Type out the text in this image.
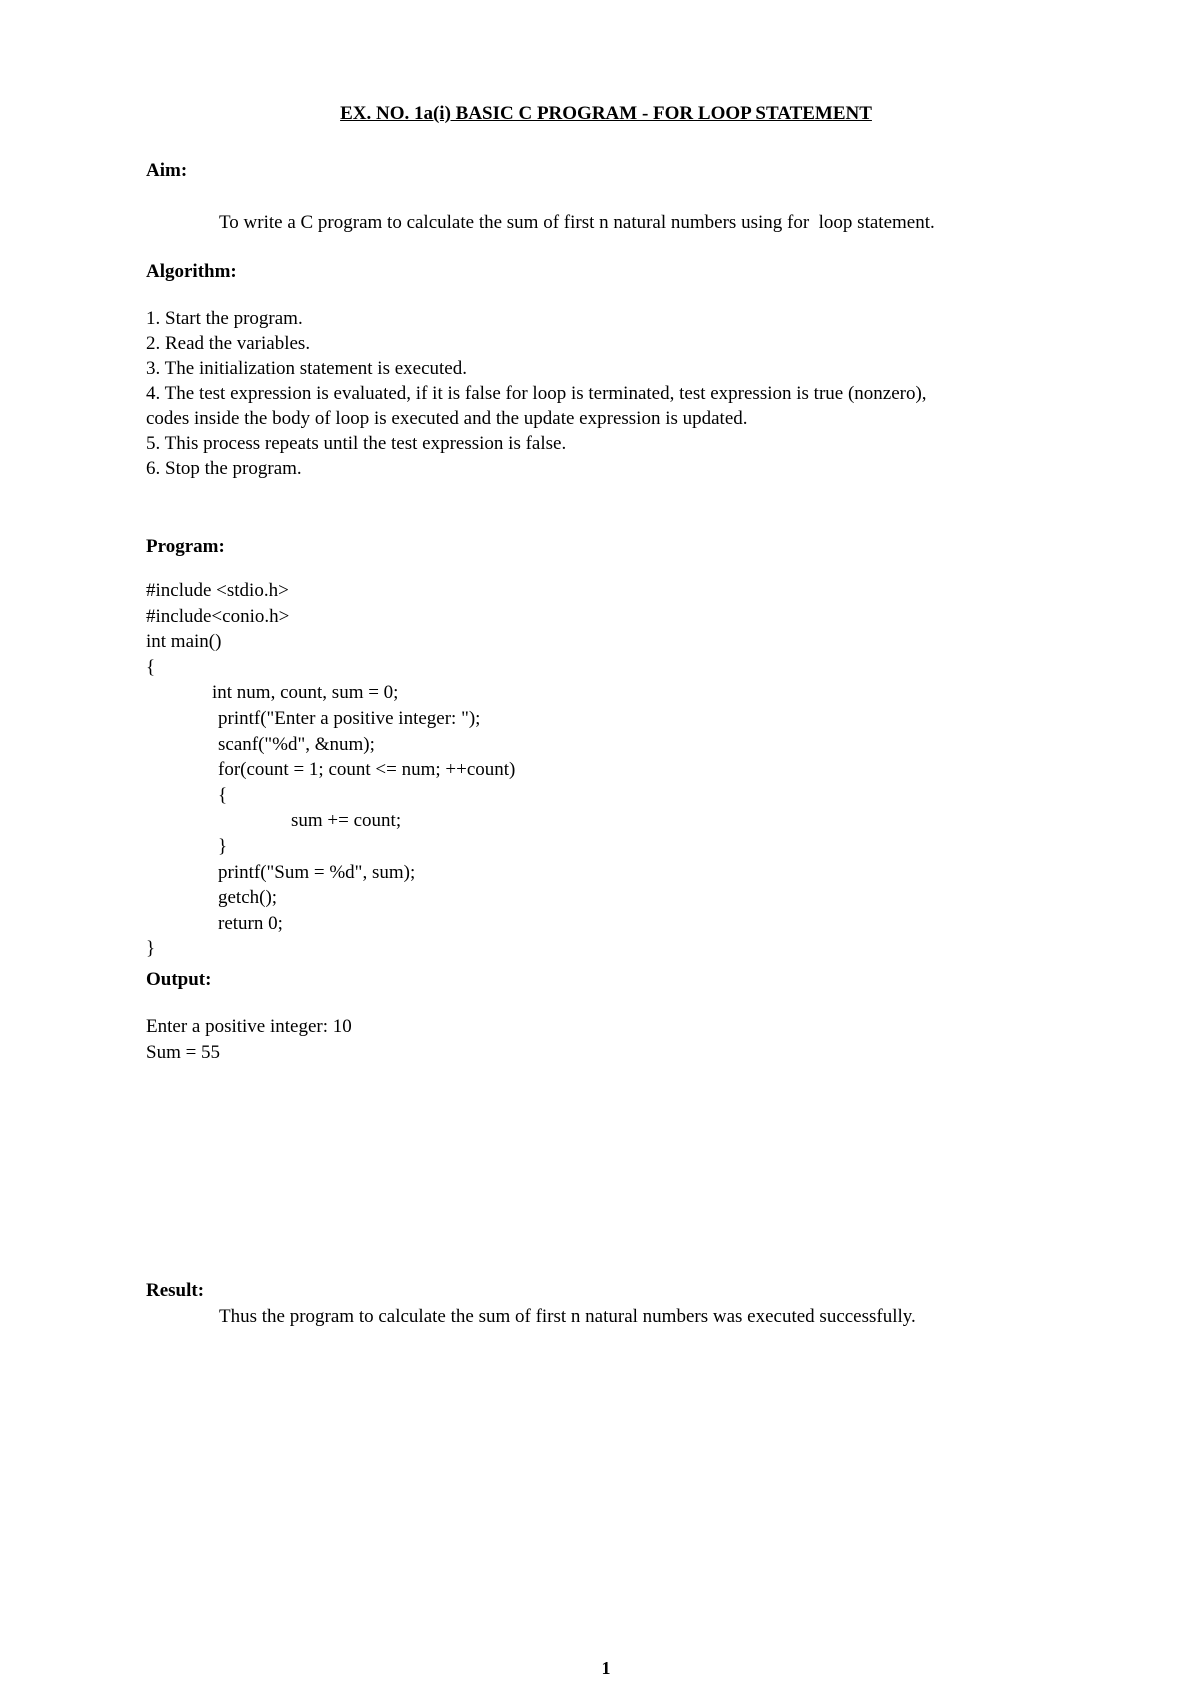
EX. NO. 1a(i) BASIC C PROGRAM - FOR LOOP STATEMENT
Aim:
To write a C program to calculate the sum of first n natural numbers using for  loop statement.
Algorithm:
1. Start the program.
2. Read the variables.
3. The initialization statement is executed.
4. The test expression is evaluated, if it is false for loop is terminated, test expression is true (nonzero), codes inside the body of loop is executed and the update expression is updated.
5. This process repeats until the test expression is false.
6. Stop the program.
Program:
#include <stdio.h>
#include<conio.h>
int main()
{
int num, count, sum = 0;
printf("Enter a positive integer: ");
scanf("%d", &num);
for(count = 1; count <= num; ++count)
{
sum += count;
}
printf("Sum = %d", sum);
getch();
return 0;
}
Output:
Enter a positive integer: 10
Sum = 55
Result:
Thus the program to calculate the sum of first n natural numbers was executed successfully.
1
